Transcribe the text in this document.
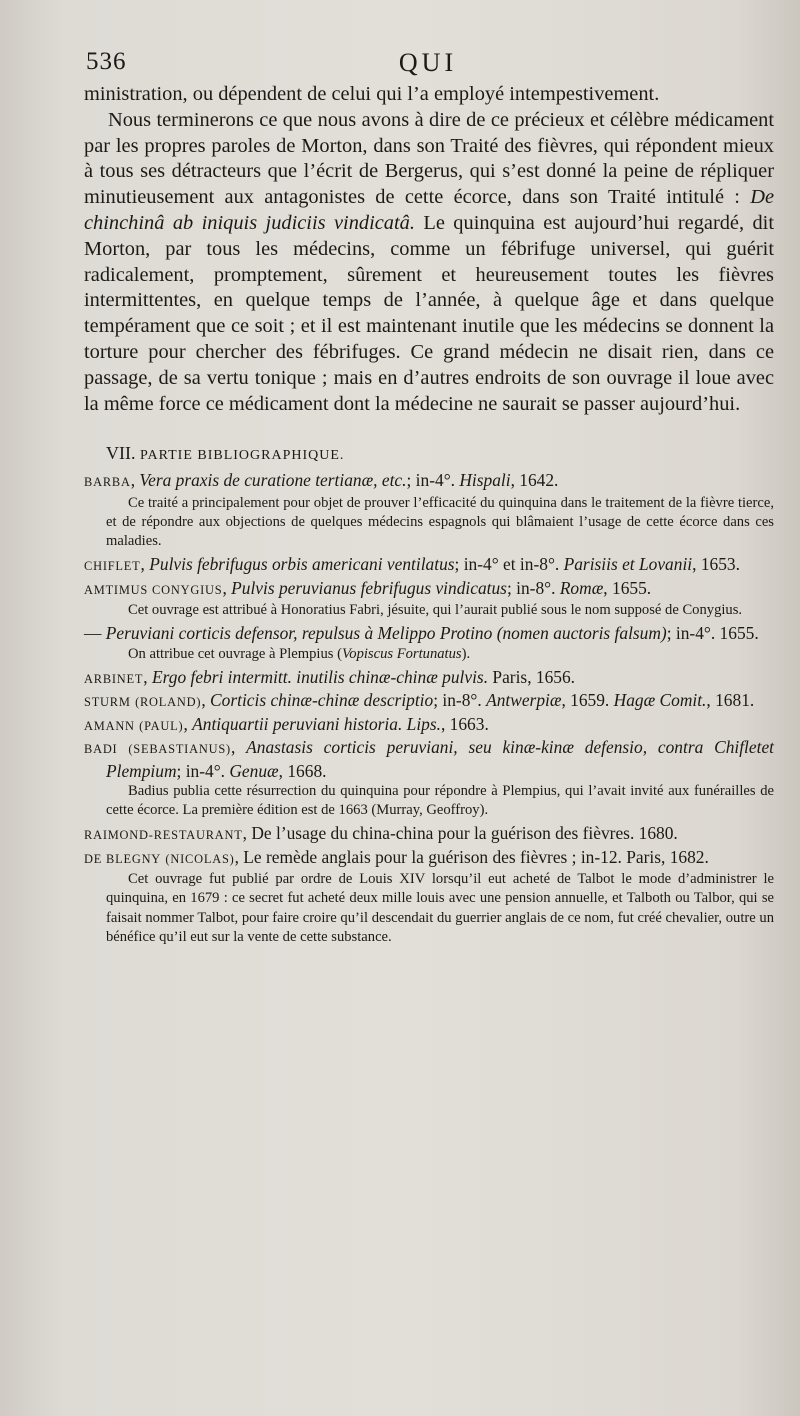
536	QUI

ministration, ou dépendent de celui qui l’a employé intempestivement.

Nous terminerons ce que nous avons à dire de ce précieux et célèbre médicament par les propres paroles de Morton, dans son Traité des fièvres, qui répondent mieux à tous ses détracteurs que l’écrit de Bergerus, qui s’est donné la peine de répliquer minutieusement aux antagonistes de cette écorce, dans son Traité intitulé : De chinchinâ ab iniquis judiciis vindicatâ. Le quinquina est aujourd’hui regardé, dit Morton, par tous les médecins, comme un fébrifuge universel, qui guérit radicalement, promptement, sûrement et heureusement toutes les fièvres intermittentes, en quelque temps de l’année, à quelque âge et dans quelque tempérament que ce soit ; et il est maintenant inutile que les médecins se donnent la torture pour chercher des fébrifuges. Ce grand médecin ne disait rien, dans ce passage, de sa vertu tonique ; mais en d’autres endroits de son ouvrage il loue avec la même force ce médicament dont la médecine ne saurait se passer aujourd’hui.

VII. PARTIE BIBLIOGRAPHIQUE.

BARBA, Vera praxis de curatione tertianæ, etc.; in-4°. Hispali, 1642.

Ce traité a principalement pour objet de prouver l’efficacité du quinquina dans le traitement de la fièvre tierce, et de répondre aux objections de quelques médecins espagnols qui blâmaient l’usage de cette écorce dans ces maladies.

CHIFLET, Pulvis febrifugus orbis americani ventilatus; in-4° et in-8°. Parisiis et Lovanii, 1653.

AMTIMUS CONYGIUS, Pulvis peruvianus febrifugus vindicatus; in-8°. Romæ, 1655.

Cet ouvrage est attribué à Honoratius Fabri, jésuite, qui l’aurait publié sous le nom supposé de Conygius.

— Peruviani corticis defensor, repulsus à Melippo Protino (nomen auctoris falsum); in-4°. 1655.

On attribue cet ouvrage à Plempius (Vopiscus Fortunatus).

ARBINET, Ergo febri intermitt. inutilis chinæ-chinæ pulvis. Paris, 1656.

STURM (ROLAND), Corticis chinæ-chinæ descriptio; in-8°. Antwerpiæ, 1659. Hagæ Comit., 1681.

AMANN (PAUL), Antiquartii peruviani historia. Lips., 1663.

BADI (SEBASTIANUS), Anastasis corticis peruviani, seu kinæ-kinæ defensio, contra Chifletet Plempium; in-4°. Genuæ, 1668.

Badius publia cette résurrection du quinquina pour répondre à Plempius, qui l’avait invité aux funérailles de cette écorce. La première édition est de 1663 (Murray, Geoffroy).

RAIMOND-RESTAURANT, De l’usage du china-china pour la guérison des fièvres. 1680.

DE BLEGNY (NICOLAS), Le remède anglais pour la guérison des fièvres ; in-12. Paris, 1682.

Cet ouvrage fut publié par ordre de Louis XIV lorsqu’il eut acheté de Talbot le mode d’administrer le quinquina, en 1679 : ce secret fut acheté deux mille louis avec une pension annuelle, et Talboth ou Talbor, qui se faisait nommer Talbot, pour faire croire qu’il descendait du guerrier anglais de ce nom, fut créé chevalier, outre un bénéfice qu’il eut sur la vente de cette substance.
